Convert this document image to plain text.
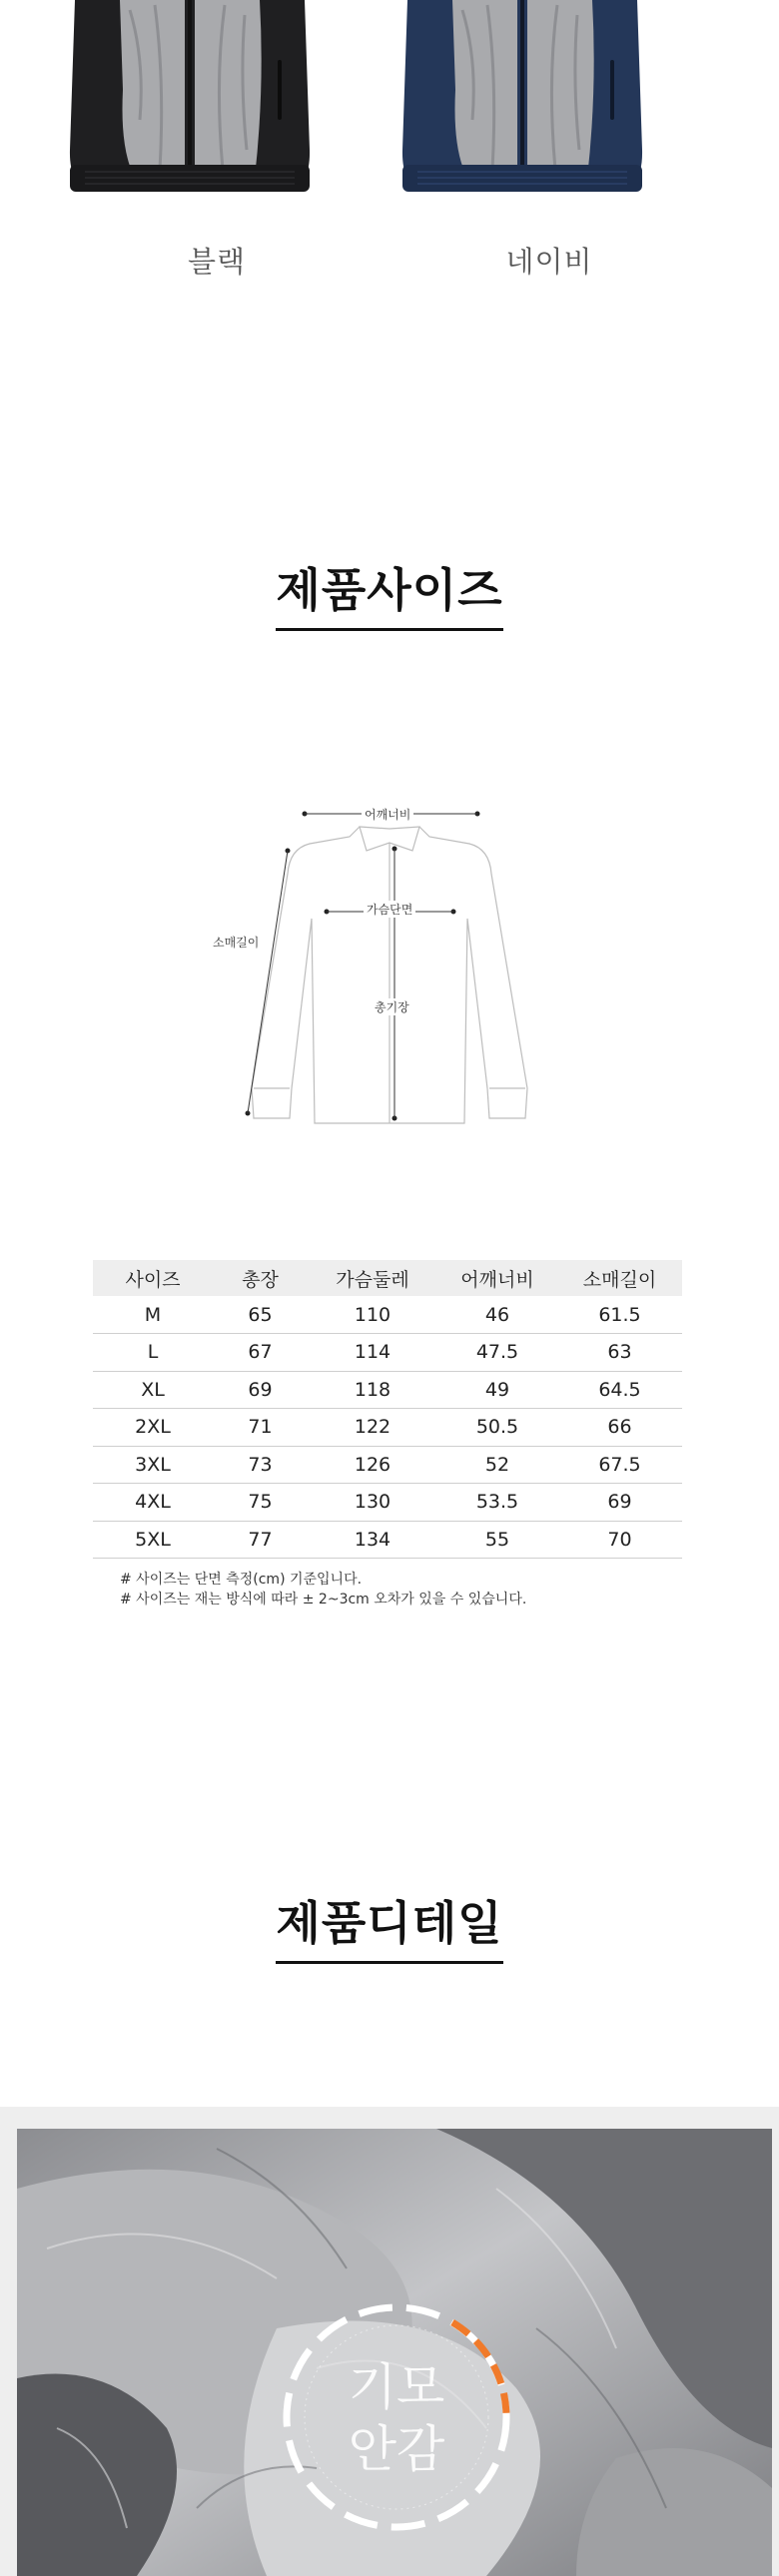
블랙	네이비
제품사이즈
어깨너비
가슴단면
총기장
소매길이
사이즈	총장	가슴둘레	어깨너비	소매길이
M	65	110	46	61.5
L	67	114	47.5	63
XL	69	118	49	64.5
2XL	71	122	50.5	66
3XL	73	126	52	67.5
4XL	75	130	53.5	69
5XL	77	134	55	70
# 사이즈는 단면 측정(cm) 기준입니다.
# 사이즈는 재는 방식에 따라 ± 2~3cm 오차가 있을 수 있습니다.
제품디테일
기모
안감
